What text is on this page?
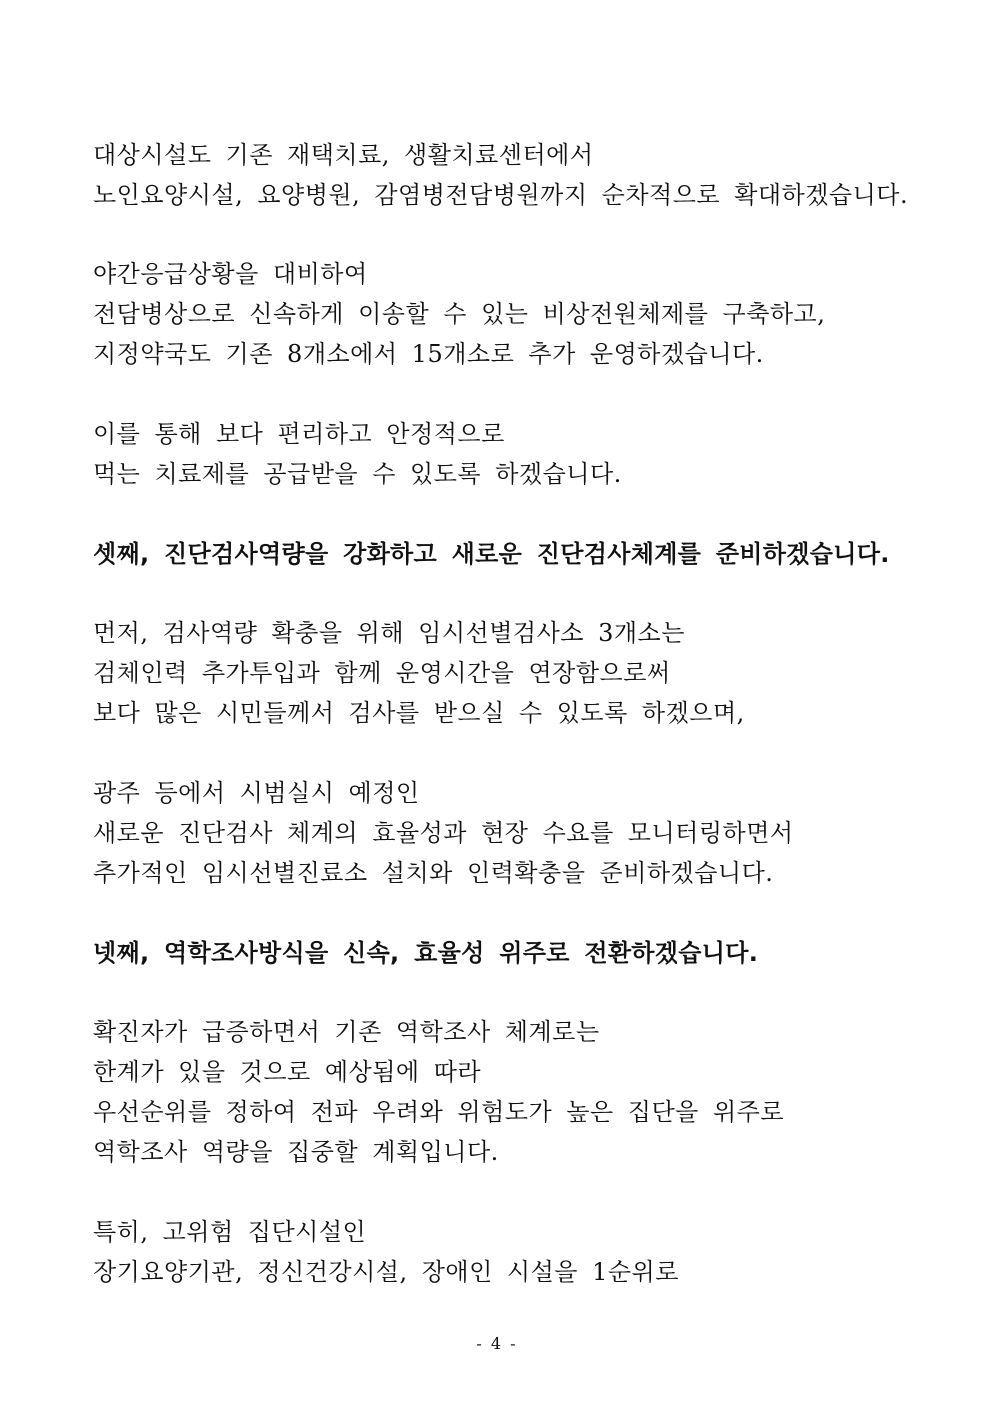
대상시설도 기존 재택치료, 생활치료센터에서
노인요양시설, 요양병원, 감염병전담병원까지 순차적으로 확대하겠습니다.
야간응급상황을 대비하여
전담병상으로 신속하게 이송할 수 있는 비상전원체제를 구축하고,
지정약국도 기존 8개소에서 15개소로 추가 운영하겠습니다.
이를 통해 보다 편리하고 안정적으로
먹는 치료제를 공급받을 수 있도록 하겠습니다.
셋째, 진단검사역량을 강화하고 새로운 진단검사체계를 준비하겠습니다.
먼저, 검사역량 확충을 위해 임시선별검사소 3개소는
검체인력 추가투입과 함께 운영시간을 연장함으로써
보다 많은 시민들께서 검사를 받으실 수 있도록 하겠으며,
광주 등에서 시범실시 예정인
새로운 진단검사 체계의 효율성과 현장 수요를 모니터링하면서
추가적인 임시선별진료소 설치와 인력확충을 준비하겠습니다.
넷째, 역학조사방식을 신속, 효율성 위주로 전환하겠습니다.
확진자가 급증하면서 기존 역학조사 체계로는
한계가 있을 것으로 예상됨에 따라
우선순위를 정하여 전파 우려와 위험도가 높은 집단을 위주로
역학조사 역량을 집중할 계획입니다.
특히, 고위험 집단시설인
장기요양기관, 정신건강시설, 장애인 시설을 1순위로
- 4 -
